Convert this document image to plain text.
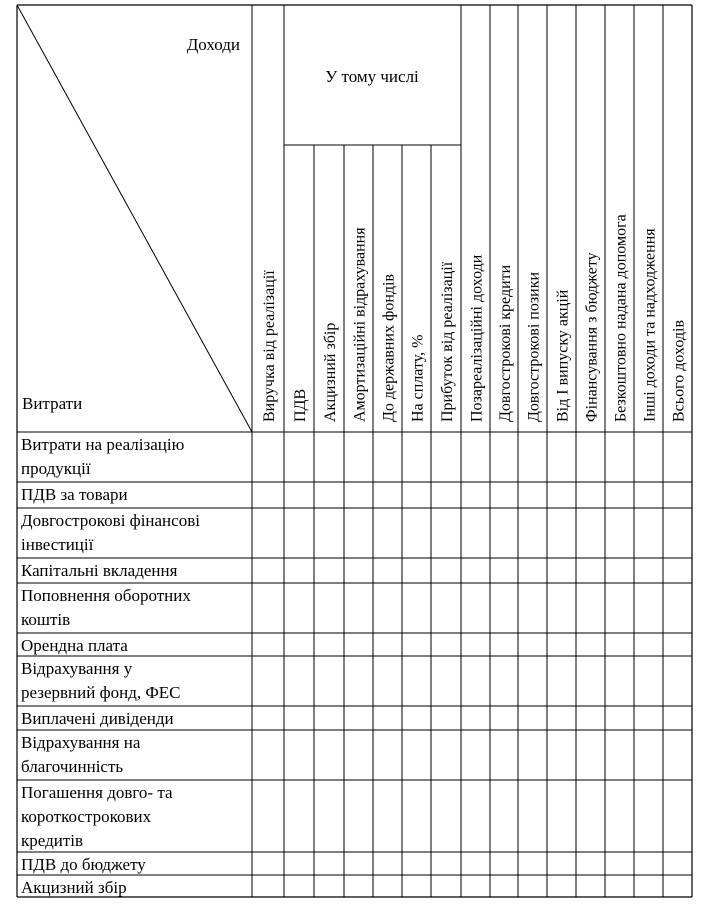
Доходи
Витрати
У тому числі
Виручка від реалізації ПДВ Акцизний збір Амортизаційні відрахування До державних фондів На сплату, % Прибуток від реалізації Позареалізаційні доходи Довгострокові кредити Довгострокові позики Від I випуску акцій Фінансування з бюджету Безкоштовно надана допомога Інші доходи та надходження Всього доходів
Витрати на реалізацію продукції
ПДВ за товари
Довгострокові фінансові інвестиції
Капітальні вкладення
Поповнення оборотних коштів
Орендна плата
Відрахування у резервний фонд, ФЕС
Виплачені дивіденди
Відрахування на благочинність
Погашення довго- та короткострокових кредитів
ПДВ до бюджету
Акцизний збір
